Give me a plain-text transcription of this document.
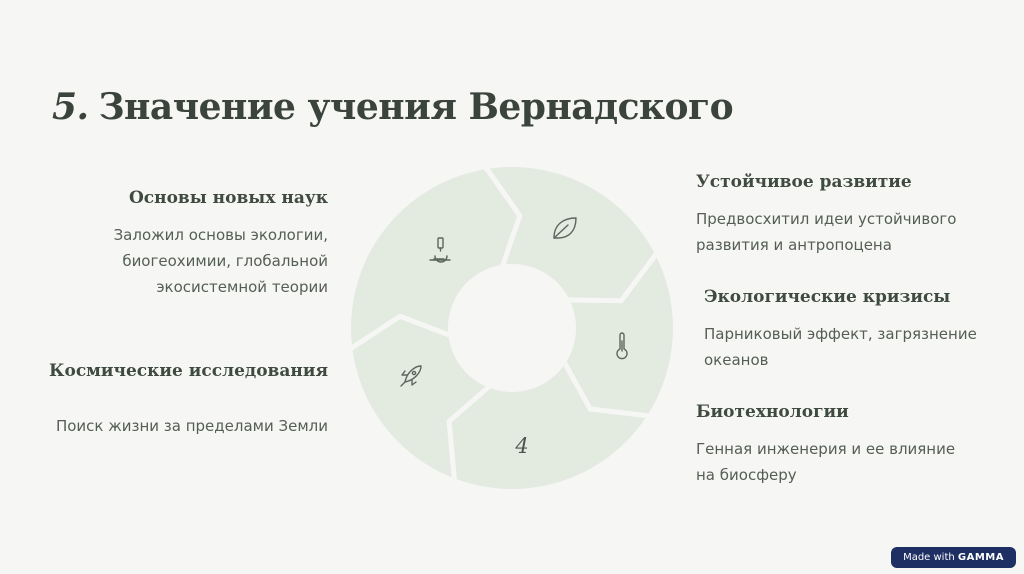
5. Значение учения Вернадского
Основы новых наук

Заложил основы экологии,
биогеохимии, глобальной
экосистемной теории

Космические исследования

Поиск жизни за пределами Земли

Устойчивое развитие

Предвосхитил идеи устойчивого
развития и антропоцена

Экологические кризисы

Парниковый эффект, загрязнение
океанов

Биотехнологии

Генная инженерия и ее влияние
на биосферу

4
Made with GAMMA
